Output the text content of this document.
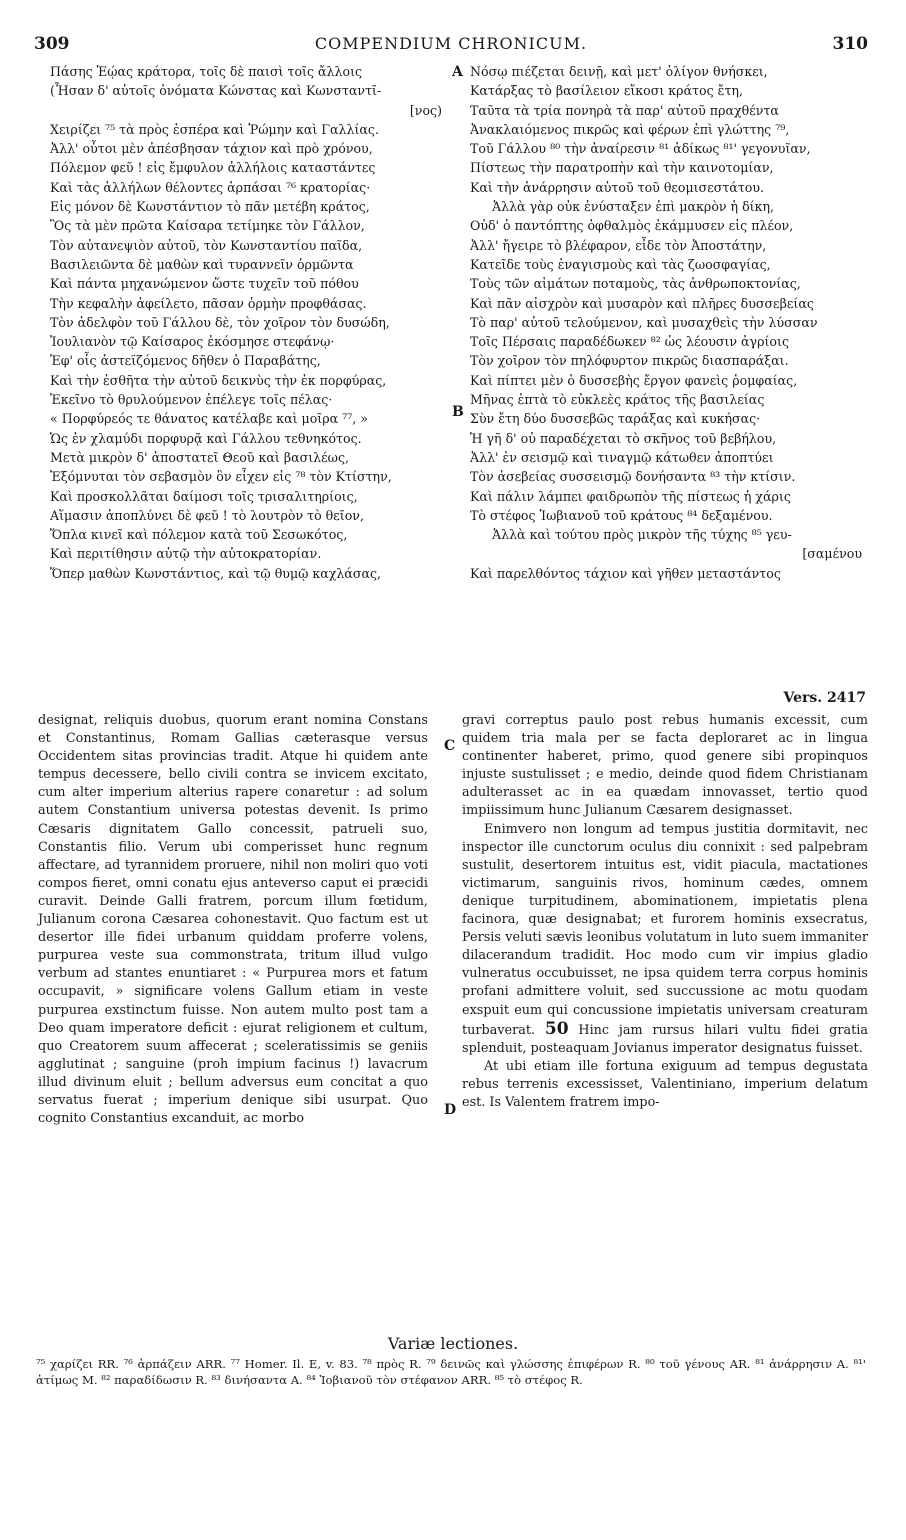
309	COMPENDIUM CHRONICUM.	310
Πάσης Ἑῴας κράτορα, τοῖς δὲ παισὶ τοῖς ἄλλοις
(Ἦσαν δ' αὐτοῖς ὀνόματα Κώνστας καὶ Κωνσταντῖ-
[νος)
Χειρίζει ⁷⁵ τὰ πρὸς ἑσπέρα καὶ Ῥώμην καὶ Γαλλίας.
Ἀλλ' οὗτοι μὲν ἀπέσβησαν τάχιον καὶ πρὸ χρόνου,
Πόλεμον φεῦ ! εἰς ἔμφυλον ἀλλήλοις καταστάντες
Καὶ τὰς ἀλλήλων θέλοντες ἁρπάσαι ⁷⁶ κρατορίας·
Εἰς μόνον δὲ Κωνστάντιον τὸ πᾶν μετέβη κράτος,
Ὃς τὰ μὲν πρῶτα Καίσαρα τετίμηκε τὸν Γάλλον,
Τὸν αὐτανεψιὸν αὐτοῦ, τὸν Κωνσταντίου παῖδα,
Βασιλειῶντα δὲ μαθὼν καὶ τυραννεῖν ὁρμῶντα
Καὶ πάντα μηχανώμενον ὥστε τυχεῖν τοῦ πόθου
Τὴν κεφαλὴν ἀφείλετο, πᾶσαν ὁρμὴν προφθάσας.
Τὸν ἀδελφὸν τοῦ Γάλλου δὲ, τὸν χοῖρον τὸν δυσώδη,
Ἰουλιανὸν τῷ Καίσαρος ἐκόσμησε στεφάνῳ·
Ἐφ' οἷς ἀστεϊζόμενος δῆθεν ὁ Παραβάτης,
Καὶ τὴν ἐσθῆτα τὴν αὐτοῦ δεικνὺς τὴν ἐκ πορφύρας,
Ἐκεῖνο τὸ θρυλούμενον ἐπέλεγε τοῖς πέλας·
« Πορφύρεός τε θάνατος κατέλαβε καὶ μοῖρα ⁷⁷, »
Ὡς ἐν χλαμύδι πορφυρᾷ καὶ Γάλλου τεθνηκότος.
Μετὰ μικρὸν δ' ἀποστατεῖ Θεοῦ καὶ βασιλέως,
Ἐξόμνυται τὸν σεβασμὸν ὃν εἶχεν εἰς ⁷⁸ τὸν Κτίστην,
Καὶ προσκολλᾶται δαίμοσι τοῖς τρισαλιτηρίοις,
Αἵμασιν ἀπoπλύνει δὲ φεῦ ! τὸ λουτρὸν τὸ θεῖον,
Ὅπλα κινεῖ καὶ πόλεμον κατὰ τοῦ Σεσωκότος,
Καὶ περιτίθησιν αὐτῷ τὴν αὐτοκρατορίαν.
Ὅπερ μαθὼν Κωνστάντιος, καὶ τῷ θυμῷ καχλάσας,
Νόσῳ πιέζεται δεινῇ, καὶ μετ' ὀλίγον θνήσκει,
Κατάρξας τὸ βασίλειον εἴκοσι κράτος ἔτη,
Ταῦτα τὰ τρία πονηρὰ τὰ παρ' αὐτοῦ πραχθέντα
Ἀνακλαιόμενος πικρῶς καὶ φέρων ἐπὶ γλώττης ⁷⁹,
Τοῦ Γάλλου ⁸⁰ τὴν ἀναίρεσιν ⁸¹ ἀδίκως ⁸¹' γεγονυῖαν,
Πίστεως τὴν παρατροπὴν καὶ τὴν καινοτομίαν,
Καὶ τὴν ἀνάρρησιν αὐτοῦ τοῦ θεομισεστάτου.
Ἀλλὰ γὰρ οὐκ ἐνύσταξεν ἐπὶ μακρὸν ἡ δίκη,
Οὐδ' ὁ παντόπτης ὀφθαλμὸς ἐκάμμυσεν εἰς πλέον,
Ἀλλ' ἤγειρε τὸ βλέφαρον, εἶδε τὸν Ἀποστάτην,
Κατεῖδε τοὺς ἐναγισμοὺς καὶ τὰς ζωοσφαγίας,
Τοὺς τῶν αἱμάτων ποταμοὺς, τὰς ἀνθρωποκτονίας,
Καὶ πᾶν αἰσχρὸν καὶ μυσαρὸν καὶ πλῆρες δυσσεβείας
Τὸ παρ' αὐτοῦ τελούμενον, καὶ μυσαχθεὶς τὴν λύσσαν
Τοῖς Πέρσαις παραδέδωκεν ⁸² ὡς λέουσιν ἀγρίοις
Τὸν χοῖρον τὸν πηλόφυρτον πικρῶς διασπαράξαι.
Καὶ πίπτει μὲν ὁ δυσσεβὴς ἔργον φανεὶς ῥομφαίας,
Μῆνας ἑπτὰ τὸ εὐκλεὲς κράτος τῆς βασιλείας
Σὺν ἔτη δύο δυσσεβῶς ταράξας καὶ κυκήσας·
Ἡ γῆ δ' οὐ παραδέχεται τὸ σκῆνος τοῦ βεβήλου,
Ἀλλ' ἐν σεισμῷ καὶ τιναγμῷ κάτωθεν ἀποπτύει
Τὸν ἀσεβείας συσσεισμῷ δονήσαντα ⁸³ τὴν κτίσιν.
Καὶ πάλιν λάμπει φαιδρωπὸν τῆς πίστεως ἡ χάρις
Τὸ στέφος Ἰωβιανοῦ τοῦ κράτους ⁸⁴ δεξαμένου.
Ἀλλὰ καὶ τούτου πρὸς μικρὸν τῆς τύχης ⁸⁵ γευ-
[σαμένου
Καὶ παρελθόντος τάχιον καὶ γῆθεν μεταστάντος
A
B
C
D
Vers. 2417

designat, reliquis duobus, quorum erant nomina Constans et Constantinus, Romam Gallias cæterasque versus Occidentem sitas provincias tradit. Atque hi quidem ante tempus decessere, bello civili contra se invicem excitato, cum alter imperium alterius rapere conaretur : ad solum autem Constantium universa potestas devenit. Is primo Cæsaris dignitatem Gallo concessit, patrueli suo, Constantis filio. Verum ubi comperisset hunc regnum affectare, ad tyrannidem proruere, nihil non moliri quo voti compos fieret, omni conatu ejus anteverso caput ei præcidi curavit. Deinde Galli fratrem, porcum illum fœtidum, Julianum corona Cæsarea cohonestavit. Quo factum est ut desertor ille fidei urbanum quiddam proferre volens, purpurea veste sua commonstrata, tritum illud vulgo verbum ad stantes enuntiaret : « Purpurea mors et fatum occupavit, » significare volens Gallum etiam in veste purpurea exstinctum fuisse. Non autem multo post tam a Deo quam imperatore deficit : ejurat religionem et cultum, quo Creatorem suum affecerat ; sceleratissimis se geniis agglutinat ; sanguine (proh impium facinus !) lavacrum illud divinum eluit ; bellum adversus eum concitat a quo servatus fuerat ; imperium denique sibi usurpat. Quo cognito Constantius excanduit, ac morbo

gravi correptus paulo post rebus humanis excessit, cum quidem tria mala per se facta deploraret ac in lingua continenter haberet, primo, quod genere sibi propinquos injuste sustulisset ; e medio, deinde quod fidem Christianam adulterasset ac in ea quædam innovasset, tertio quod impiissimum hunc Julianum Cæsarem designasset.

Enimvero non longum ad tempus justitia dormitavit, nec inspector ille cunctorum oculus diu connixit : sed palpebram sustulit, desertorem intuitus est, vidit piacula, mactationes victimarum, sanguinis rivos, hominum cædes, omnem denique turpitudinem, abominationem, impietatis plena facinora, quæ designabat; et furorem hominis exsecratus, Persis veluti sævis leonibus volutatum in luto suem immaniter dilacerandum tradidit. Hoc modo cum vir impius gladio vulneratus occubuisset, ne ipsa quidem terra corpus hominis profani admittere voluit, sed succussione ac motu quodam exspuit eum qui concussione impietatis universam creaturam turbaverat. 50 Hinc jam rursus hilari vultu fidei gratia splenduit, posteaquam Jovianus imperator designatus fuisset.

At ubi etiam ille fortuna exiguum ad tempus degustata rebus terrenis excessisset, Valentiniano, imperium delatum est. Is Valentem fratrem impo-

Variæ lectiones.
⁷⁵ χαρίζει RR. ⁷⁶ ἁρπάζειν ARR. ⁷⁷ Homer. Il. E, v. 83. ⁷⁸ πρὸς R. ⁷⁹ δεινῶς καὶ γλώσσης ἐπιφέρων R. ⁸⁰ τοῦ γένους AR. ⁸¹ ἀνάρρησιν A. ⁸¹' ἀτίμως M. ⁸² παραδίδωσιν R. ⁸³ δινήσαντα A. ⁸⁴ Ἰοβιανοῦ τὸν στέφανον ARR. ⁸⁵ τὸ στέφος R.
